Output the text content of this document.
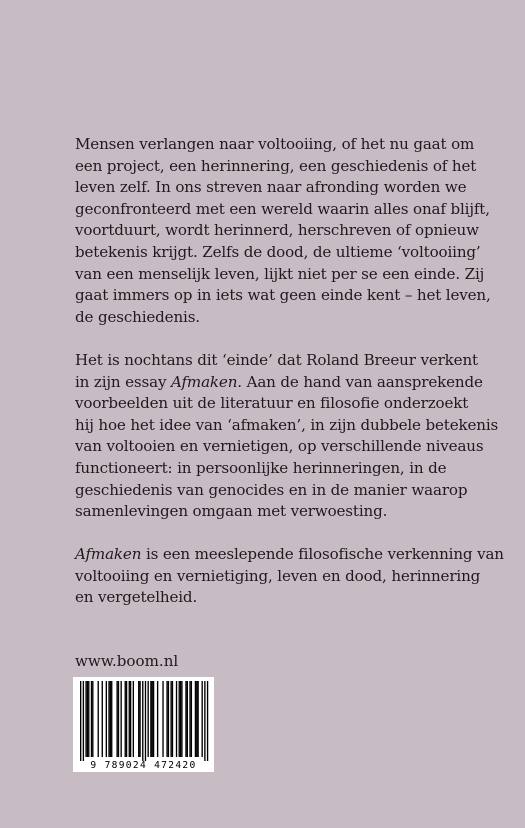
Mensen verlangen naar voltooiing, of het nu gaat om
een project, een herinnering, een geschiedenis of het
leven zelf. In ons streven naar afronding worden we
geconfronteerd met een wereld waarin alles onaf blijft,
voortduurt, wordt herinnerd, herschreven of opnieuw
betekenis krijgt. Zelfs de dood, de ultieme ‘voltooiing’
van een menselijk leven, lijkt niet per se een einde. Zij
gaat immers op in iets wat geen einde kent – het leven,
de geschiedenis.

Het is nochtans dit ‘einde’ dat Roland Breeur verkent
in zijn essay Afmaken. Aan de hand van aansprekende
voorbeelden uit de literatuur en filosofie onderzoekt
hij hoe het idee van ‘afmaken’, in zijn dubbele betekenis
van voltooien en vernietigen, op verschillende niveaus
functioneert: in persoonlijke herinneringen, in de
geschiedenis van genocides en in de manier waarop
samenlevingen omgaan met verwoesting.

Afmaken is een meeslepende filosofische verkenning van
voltooiing en vernietiging, leven en dood, herinnering
en vergetelheid.

www.boom.nl
9 789024 472420
